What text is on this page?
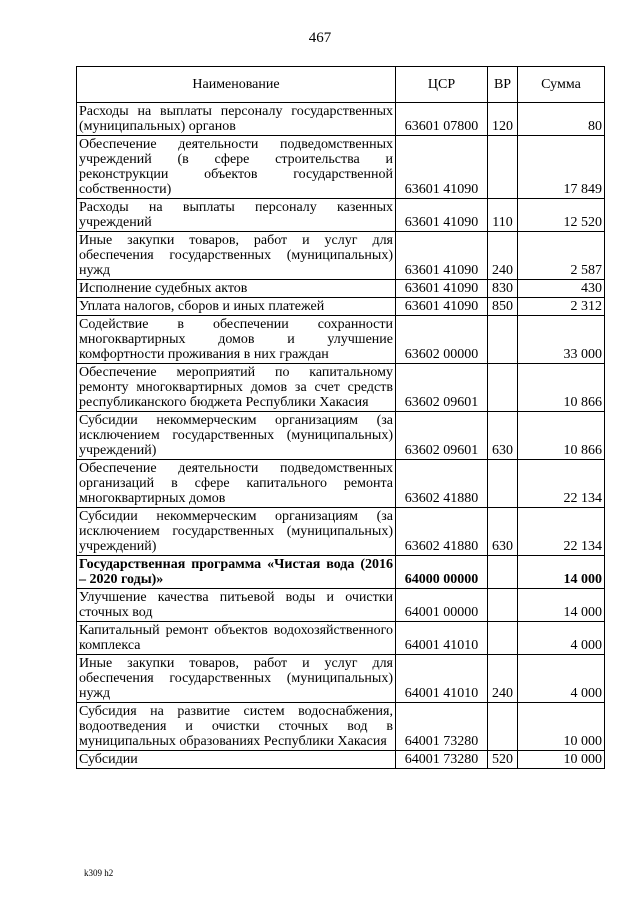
467
Наименование	ЦСР	ВР	Сумма
Расходы на выплаты персоналу государственных (муниципальных) органов	63601 07800	120	80
Обеспечение деятельности подведомственных учреждений (в сфере строительства и реконструкции объектов государственной собственности)	63601 41090		17 849
Расходы на выплаты персоналу казенных учреждений	63601 41090	110	12 520
Иные закупки товаров, работ и услуг для обеспечения государственных (муниципальных) нужд	63601 41090	240	2 587
Исполнение судебных актов	63601 41090	830	430
Уплата налогов, сборов и иных платежей	63601 41090	850	2 312
Содействие в обеспечении сохранности многоквартирных домов и улучшение комфортности проживания в них граждан	63602 00000		33 000
Обеспечение мероприятий по капитальному ремонту многоквартирных домов за счет средств республиканского бюджета Республики Хакасия	63602 09601		10 866
Субсидии некоммерческим организациям (за исключением государственных (муниципальных) учреждений)	63602 09601	630	10 866
Обеспечение деятельности подведомственных организаций в сфере капитального ремонта многоквартирных домов	63602 41880		22 134
Субсидии некоммерческим организациям (за исключением государственных (муниципальных) учреждений)	63602 41880	630	22 134
Государственная программа «Чистая вода (2016 – 2020 годы)»	64000 00000		14 000
Улучшение качества питьевой воды и очистки сточных вод	64001 00000		14 000
Капитальный ремонт объектов водохозяйственного комплекса	64001 41010		4 000
Иные закупки товаров, работ и услуг для обеспечения государственных (муниципальных) нужд	64001 41010	240	4 000
Субсидия на развитие систем водоснабжения, водоотведения и очистки сточных вод в муниципальных образованиях Республики Хакасия	64001 73280		10 000
Субсидии	64001 73280	520	10 000
k309 h2
